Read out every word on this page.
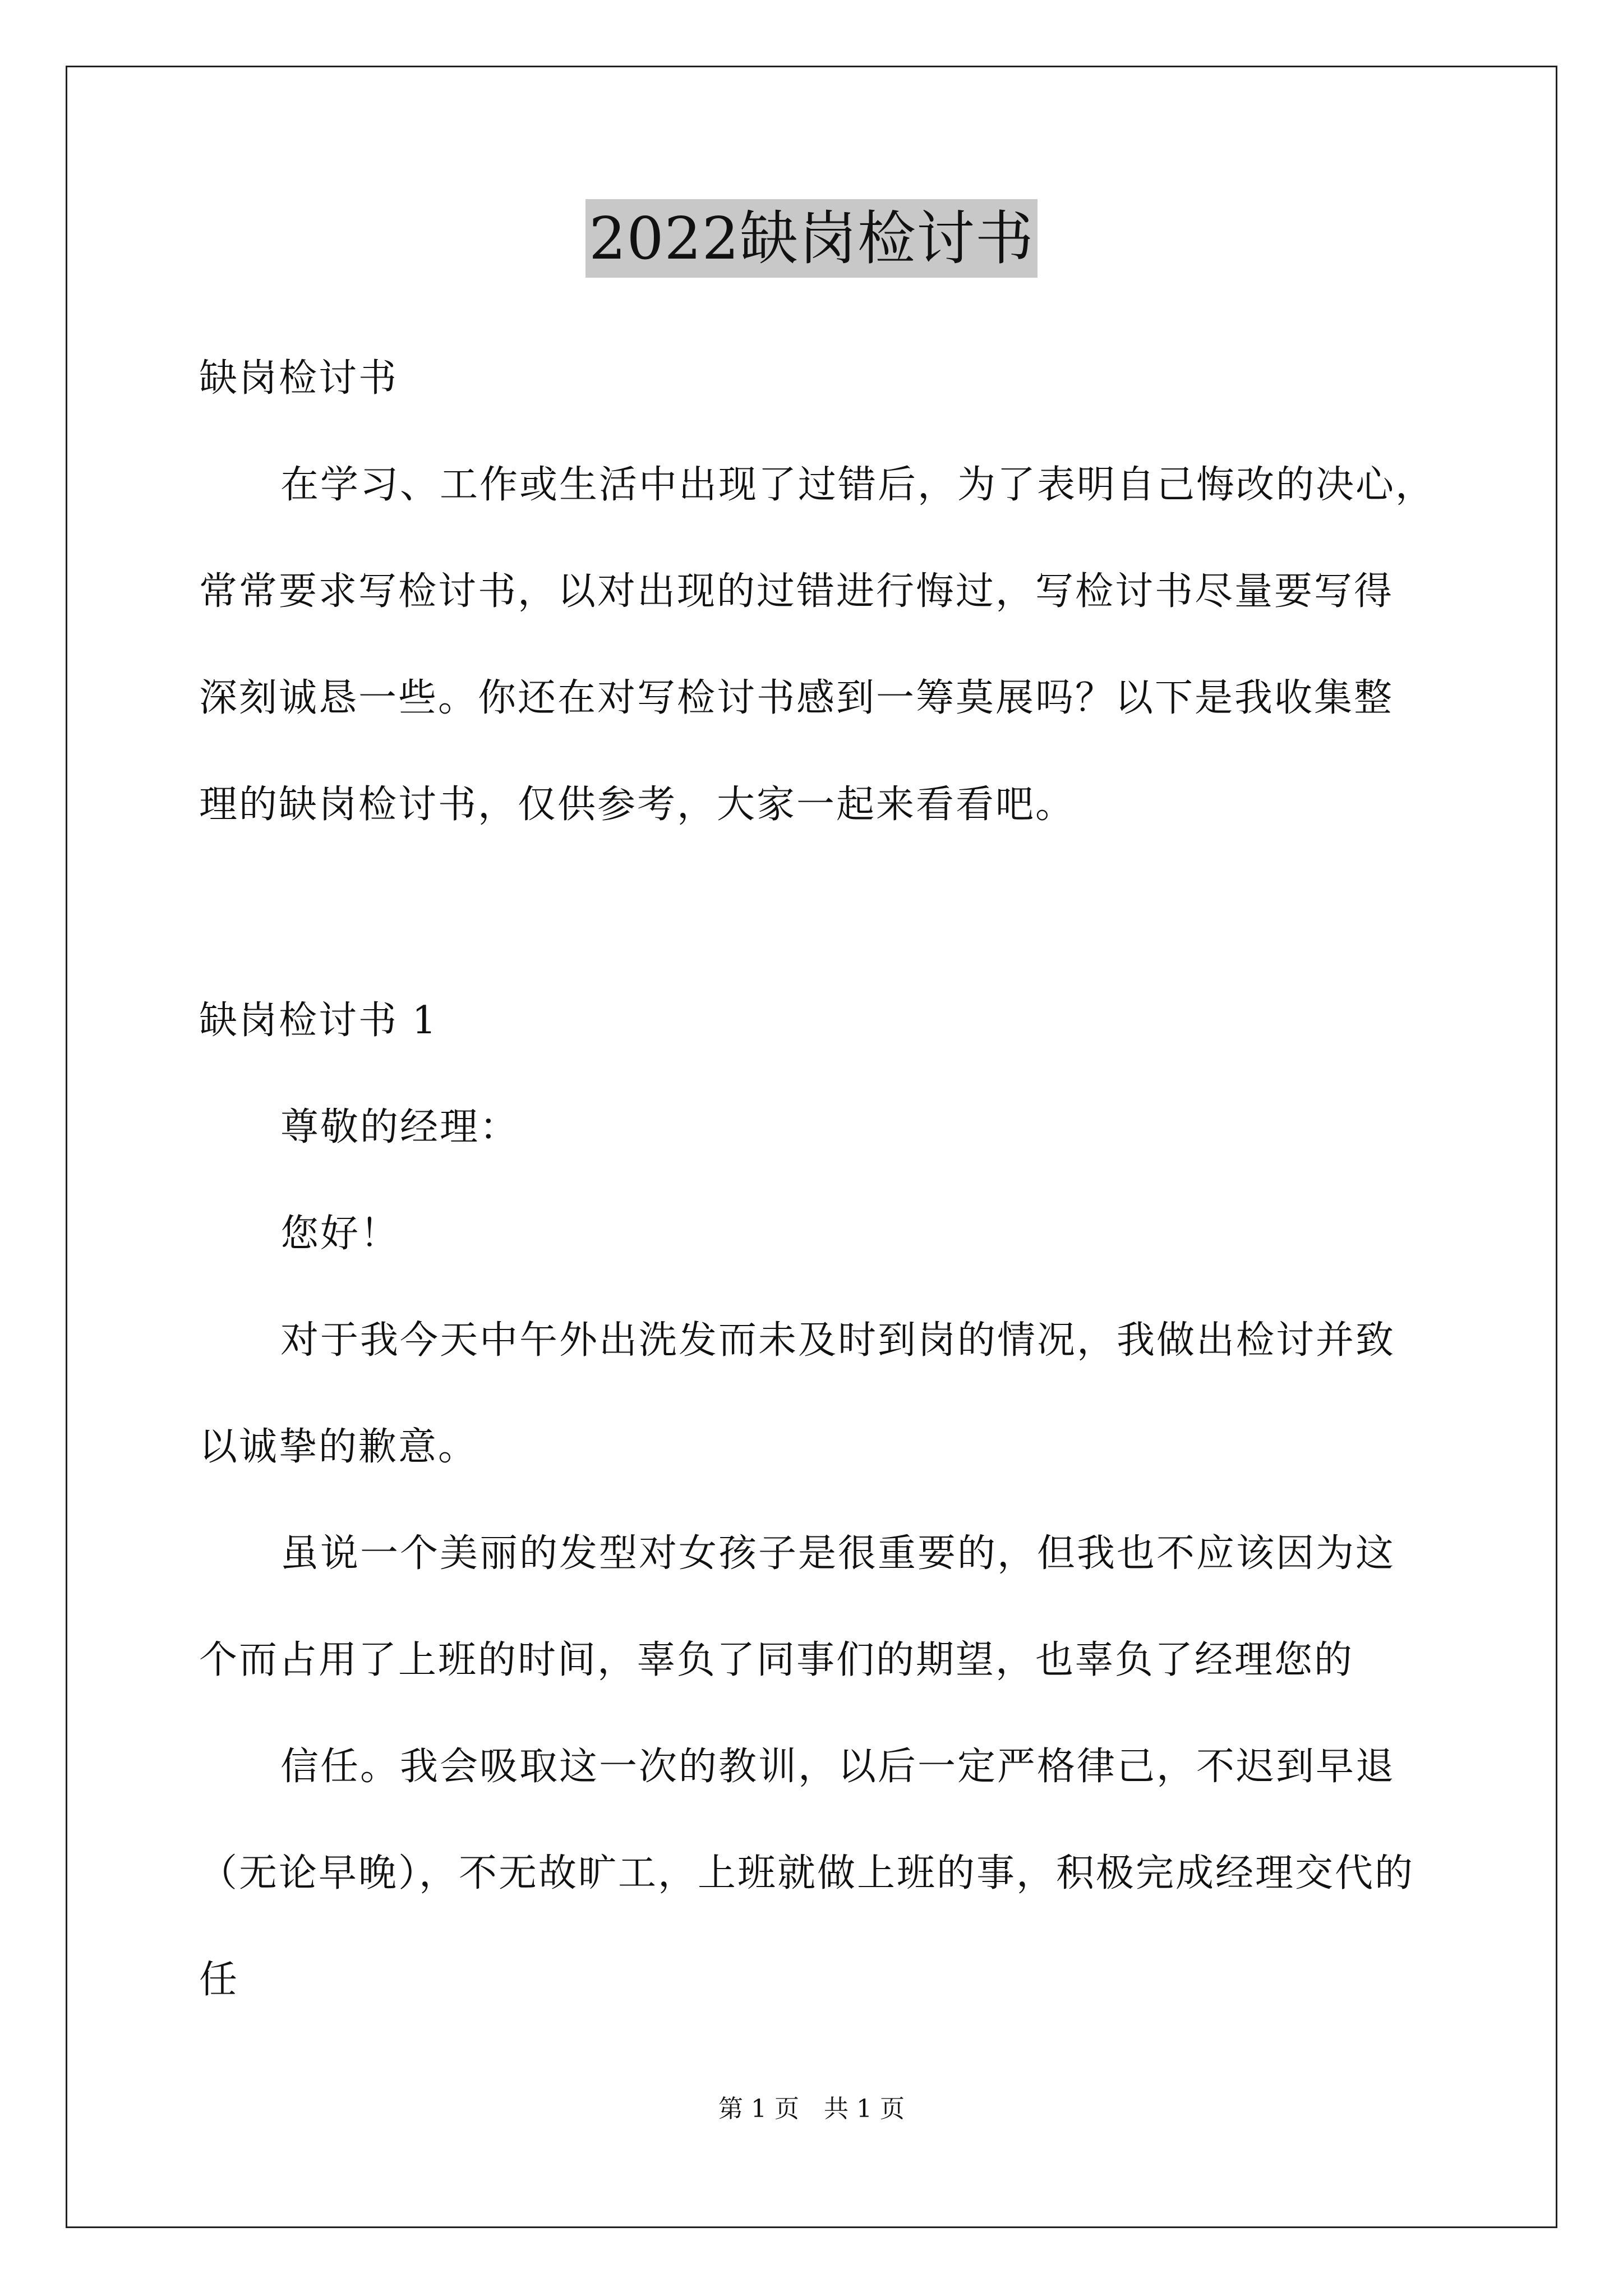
2022缺岗检讨书
缺岗检讨书
在学习、工作或生活中出现了过错后，为了表明自己悔改的决心，
常常要求写检讨书，以对出现的过错进行悔过，写检讨书尽量要写得
深刻诚恳一些。你还在对写检讨书感到一筹莫展吗？以下是我收集整
理的缺岗检讨书，仅供参考，大家一起来看看吧。
缺岗检讨书 1
尊敬的经理：
您好！
对于我今天中午外出洗发而未及时到岗的情况，我做出检讨并致
以诚挚的歉意。
虽说一个美丽的发型对女孩子是很重要的，但我也不应该因为这
个而占用了上班的时间，辜负了同事们的期望，也辜负了经理您的
信任。我会吸取这一次的教训，以后一定严格律己，不迟到早退
（无论早晚），不无故旷工，上班就做上班的事，积极完成经理交代的
任
第 1 页　共 1 页
